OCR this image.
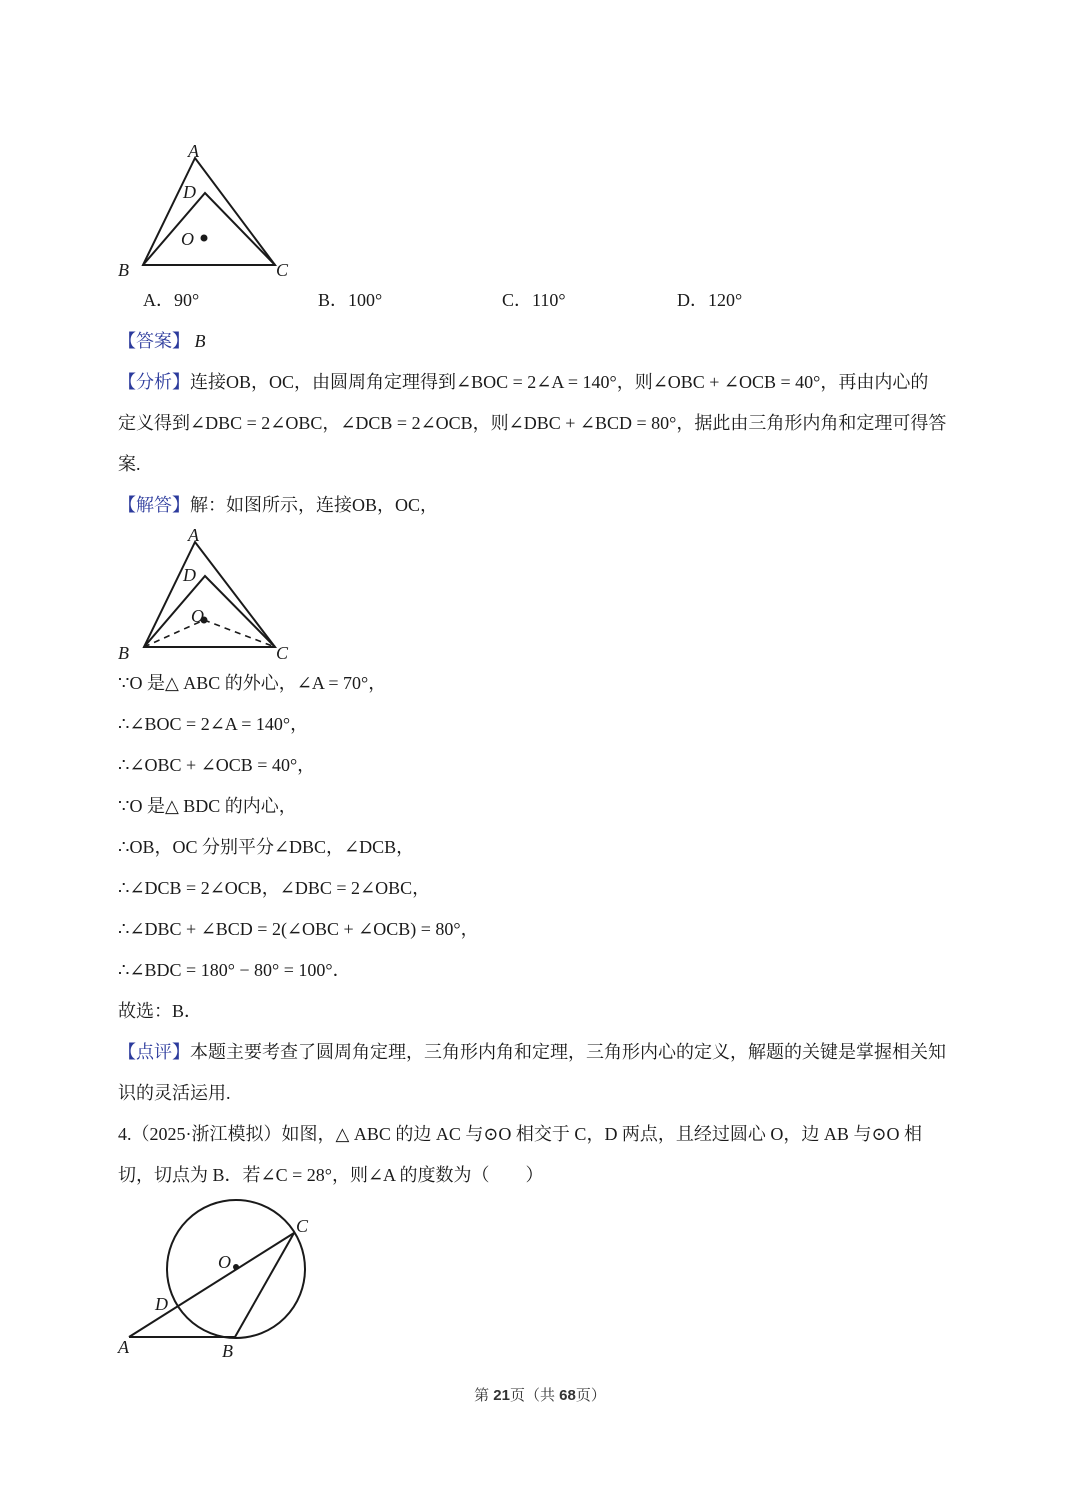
A
D
O
B	C
A
D
O
B	C
C
O
D
A	B
A．90°	B．100°	C．110°	D．120°
【答案】 B
【分析】连接OB，OC，由圆周角定理得到∠BOC = 2∠A = 140°，则∠OBC + ∠OCB = 40°，再由内心的
定义得到∠DBC = 2∠OBC，∠DCB = 2∠OCB，则∠DBC + ∠BCD = 80°，据此由三角形内角和定理可得答
案.
【解答】解：如图所示，连接OB，OC，
∵O 是△ ABC 的外心，∠A = 70°，
∴∠BOC = 2∠A = 140°，
∴∠OBC + ∠OCB = 40°，
∵O 是△ BDC 的内心，
∴OB，OC 分别平分∠DBC，∠DCB，
∴∠DCB = 2∠OCB，∠DBC = 2∠OBC，
∴∠DBC + ∠BCD = 2(∠OBC + ∠OCB) = 80°，
∴∠BDC = 180° − 80° = 100°．
故选：B．
【点评】本题主要考查了圆周角定理，三角形内角和定理，三角形内心的定义，解题的关键是掌握相关知
识的灵活运用.
4.（2025·浙江模拟）如图，△ ABC 的边 AC 与⊙O 相交于 C，D 两点，且经过圆心 O，边 AB 与⊙O 相
切，切点为 B．若∠C = 28°，则∠A 的度数为（　　）
第 21页（共 68页）
